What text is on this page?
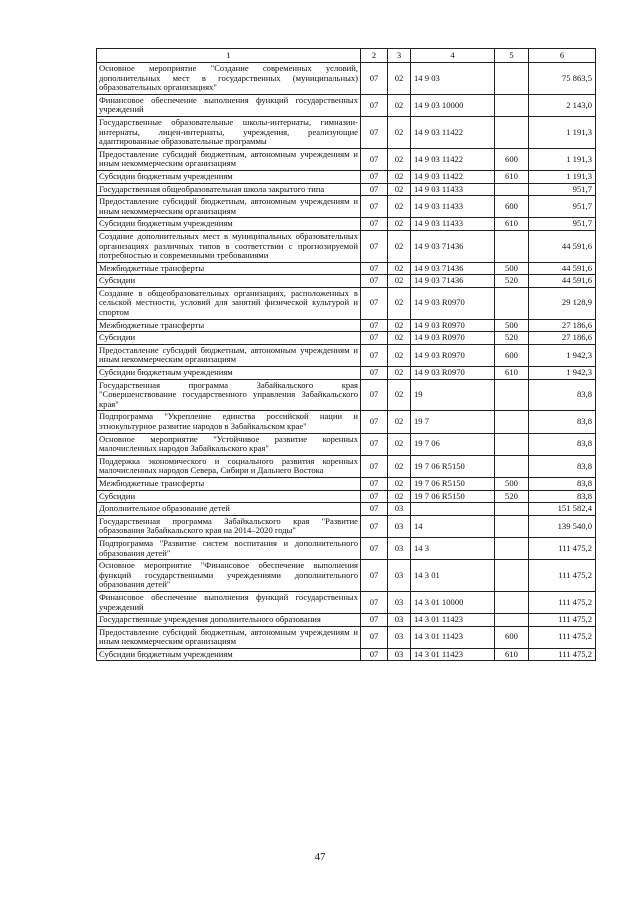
1	2	3	4	5	6
Основное мероприятие "Создание современных условий, дополнительных мест в государственных (муниципальных) образовательных организациях"	07	02	14 9 03		75 863,5
Финансовое обеспечение выполнения функций государственных учреждений	07	02	14 9 03 10000		2 143,0
Государственные образовательные школы-интернаты, гимназии-интернаты, лицеи-интернаты, учреждения, реализующие адаптированные образовательные программы	07	02	14 9 03 11422		1 191,3
Предоставление субсидий бюджетным, автономным учреждениям и иным некоммерческим организациям	07	02	14 9 03 11422	600	1 191,3
Субсидии бюджетным учреждениям	07	02	14 9 03 11422	610	1 191,3
Государственная общеобразовательная школа закрытого типа	07	02	14 9 03 11433		951,7
Предоставление субсидий бюджетным, автономным учреждениям и иным некоммерческим организациям	07	02	14 9 03 11433	600	951,7
Субсидии бюджетным учреждениям	07	02	14 9 03 11433	610	951,7
Создание дополнительных мест в муниципальных образовательных организациях различных типов в соответствии с прогнозируемой потребностью и современными требованиями	07	02	14 9 03 71436		44 591,6
Межбюджетные трансферты	07	02	14 9 03 71436	500	44 591,6
Субсидии	07	02	14 9 03 71436	520	44 591,6
Создание в общеобразовательных организациях, расположенных в сельской местности, условий для занятий физической культурой и спортом	07	02	14 9 03 R0970		29 128,9
Межбюджетные трансферты	07	02	14 9 03 R0970	500	27 186,6
Субсидии	07	02	14 9 03 R0970	520	27 186,6
Предоставление субсидий бюджетным, автономным учреждениям и иным некоммерческим организациям	07	02	14 9 03 R0970	600	1 942,3
Субсидии бюджетным учреждениям	07	02	14 9 03 R0970	610	1 942,3
Государственная программа Забайкальского края "Совершенствование государственного управления Забайкальского края"	07	02	19		83,8
Подпрограмма "Укрепление единства российской нации и этнокультурное развитие народов в Забайкальском крае"	07	02	19 7		83,8
Основное мероприятие "Устойчивое развитие коренных малочисленных народов Забайкальского края"	07	02	19 7 06		83,8
Поддержка экономического и социального развития коренных малочисленных народов Севера, Сибири и Дальнего Востока	07	02	19 7 06 R5150		83,8
Межбюджетные трансферты	07	02	19 7 06 R5150	500	83,8
Субсидии	07	02	19 7 06 R5150	520	83,8
Дополнительное образование детей	07	03			151 582,4
Государственная программа Забайкальского края "Развитие образования Забайкальского края на 2014–2020 годы"	07	03	14		139 540,0
Подпрограмма "Развитие систем воспитания и дополнительного образования детей"	07	03	14 3		111 475,2
Основное мероприятие "Финансовое обеспечение выполнения функций государственными учреждениями дополнительного образования детей"	07	03	14 3 01		111 475,2
Финансовое обеспечение выполнения функций государственных учреждений	07	03	14 3 01 10000		111 475,2
Государственные учреждения дополнительного образования	07	03	14 3 01 11423		111 475,2
Предоставление субсидий бюджетным, автономным учреждениям и иным некоммерческим организациям	07	03	14 3 01 11423	600	111 475,2
Субсидии бюджетным учреждениям	07	03	14 3 01 11423	610	111 475,2
47
